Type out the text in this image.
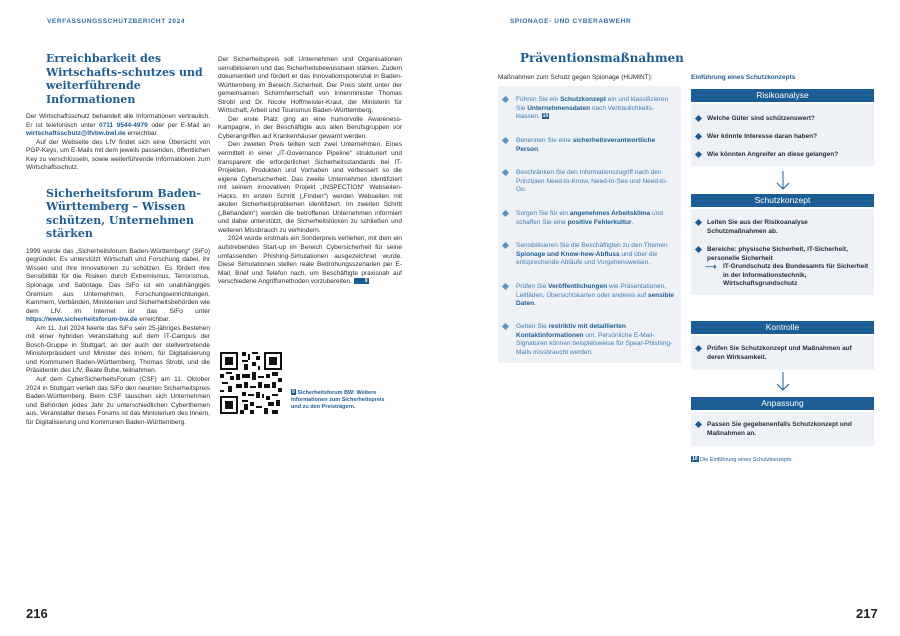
VERFASSUNGSSCHUTZBERICHT 2024	SPIONAGE- UND CYBERABWEHR
Erreichbarkeit des Wirtschafts-schutzes und weiterführende Informationen

Der Wirtschaftsschutz behandelt alle Informationen vertraulich. Er ist telefonisch unter 0711 9544-4979 oder per E-Mail an wirtschaftsschutz@lfvbw.bwl.de erreichbar.

Auf der Webseite des LfV findet sich eine Übersicht von PGP-Keys, um E-Mails mit dem jeweils passenden, öffentlichen Key zu verschlüsseln, sowie weiterführende Informationen zum Wirtschaftsschutz.

Sicherheitsforum Baden-Württemberg – Wissen schützen, Unternehmen stärken

1999 wurde das „Sicherheitsforum Baden-Württemberg“ (SiFo) gegründet. Es unterstützt Wirtschaft und Forschung dabei, ihr Wissen und ihre Innovationen zu schützen. Es fördert ihre Sensibilität für die Risiken durch Extremismus, Terrorismus, Spionage und Sabotage. Das SiFo ist ein unabhängiges Gremium aus Unternehmen, Forschungseinrichtungen, Kammern, Verbänden, Ministerien und Sicherheitsbehörden wie dem LfV. Im Internet ist das SiFo unter https://www.sicherheitsforum-bw.de erreichbar.

Am 11. Juli 2024 feierte das SiFo sein 25-jähriges Bestehen mit einer hybriden Veranstaltung auf dem IT-Campus der Bosch-Gruppe in Stuttgart, an der auch der stellvertretende Ministerpräsident und Minister des Innern, für Digitalisierung und Kommunen Baden-Württemberg, Thomas Strobl, und die Präsidentin des LfV, Beate Bube, teilnahmen.

Auf dem CyberSicherheitsForum (CSF) am 11. Oktober 2024 in Stuttgart verlieh das SiFo den neunten Sicherheitspreis Baden-Württemberg. Beim CSF tauschen sich Unternehmen und Behörden jedes Jahr zu unterschiedlichen Cyberthemen aus. Veranstalter dieses Forums ist das Ministerium des Innern, für Digitalisierung und Kommunen Baden-Württemberg.

Der Sicherheitspreis soll Unternehmen und Organisationen sensibilisieren und das Sicherheitsbewusstsein stärken. Zudem dokumentiert und fördert er das Innovationspotenzial in Baden-Württemberg im Bereich Sicherheit. Der Preis steht unter der gemeinsamen Schirmherrschaft von Innenminister Thomas Strobl und Dr. Nicole Hoffmeister-Kraut, der Ministerin für Wirtschaft, Arbeit und Tourismus Baden-Württemberg.

Der erste Platz ging an eine humorvolle Awareness-Kampagne, in der Beschäftigte aus allen Berufsgruppen vor Cyberangriffen auf Krankenhäuser gewarnt werden.

Den zweiten Preis teilten sich zwei Unternehmen. Eines vermittelt in einer „IT-Governance Pipeline“ strukturiert und transparent die erforderlichen Sicherheitsstandards bei IT-Projekten, Produkten und Vorhaben und verbessert so die eigene Cybersicherheit. Das zweite Unternehmen identifiziert mit seinem innovativen Projekt „INSPECTION“ Webseiten-Hacks. Im ersten Schritt („Finden“) werden Webseiten mit akuten Sicherheitsproblemen identifiziert. Im zweiten Schritt („Behandeln“) werden die betroffenen Unternehmen informiert und dabei unterstützt, die Sicherheitslücken zu schließen und weiteren Missbrauch zu verhindern.

2024 wurde erstmals ein Sonderpreis verliehen, mit dem ein aufstrebendes Start-up im Bereich Cybersicherheit für seine umfassenden Phishing-Simulationen ausgezeichnet wurde. Diese Simulationen stellen reale Bedrohungsszenarien per E-Mail, Brief und Telefon nach, um Beschäftigte praxisnah auf verschiedene Angriffsmethoden vorzubereiten.	9

9 Sicherheitsforum BW: Weitere Informationen zum Sicherheitspreis und zu den Preisträgern.
Präventionsmaßnahmen
Maßnahmen zum Schutz gegen Spionage (HUMINT):
Führen Sie ein Schutzkonzept ein und klassifizieren Sie Unternehmensdaten nach Vertraulichkeits-klassen. 10
Benennen Sie eine sicherheitsverantwortliche Person.
Beschränken Sie den Informationszugriff nach den Prinzipien Need-to-Know, Need-to-See und Need-to-Go.
Sorgen Sie für ein angenehmes Arbeitsklima und schaffen Sie eine positive Fehlerkultur.
Sensibilisieren Sie die Beschäftigten zu den Themen Spionage und Know-how-Abfluss und über die entsprechende Abläufe und Vorgehensweisen.
Prüfen Sie Veröffentlichungen wie Präsentationen, Leitfäden, Übersichtskarten oder anderes auf sensible Daten.
Gehen Sie restriktiv mit detaillierten Kontaktinformationen um. Persönliche E-Mail-Signaturen können beispielsweise für Spear-Phishing-Mails missbraucht werden.
Einführung eines Schutzkonzepts
Risikoanalyse
Welche Güter sind schützenswert?
Wer könnte Interesse daran haben?
Wie könnten Angreifer an diese gelangen?
Schutzkonzept
Leiten Sie aus der Risikoanalyse Schutzmaßnahmen ab.
Bereiche: physische Sicherheit, IT-Sicherheit, personelle Sicherheit
⟶ IT-Grundschutz des Bundesamts für Sicherheit in der Informationstechnik, Wirtschaftsgrundschutz
Kontrolle
Prüfen Sie Schutzkonzept und Maßnahmen auf deren Wirksamkeit.
Anpassung
Passen Sie gegebenenfalls Schutzkonzept und Maßnahmen an.
10 Die Einführung eines Schutzkonzepts
216	217
